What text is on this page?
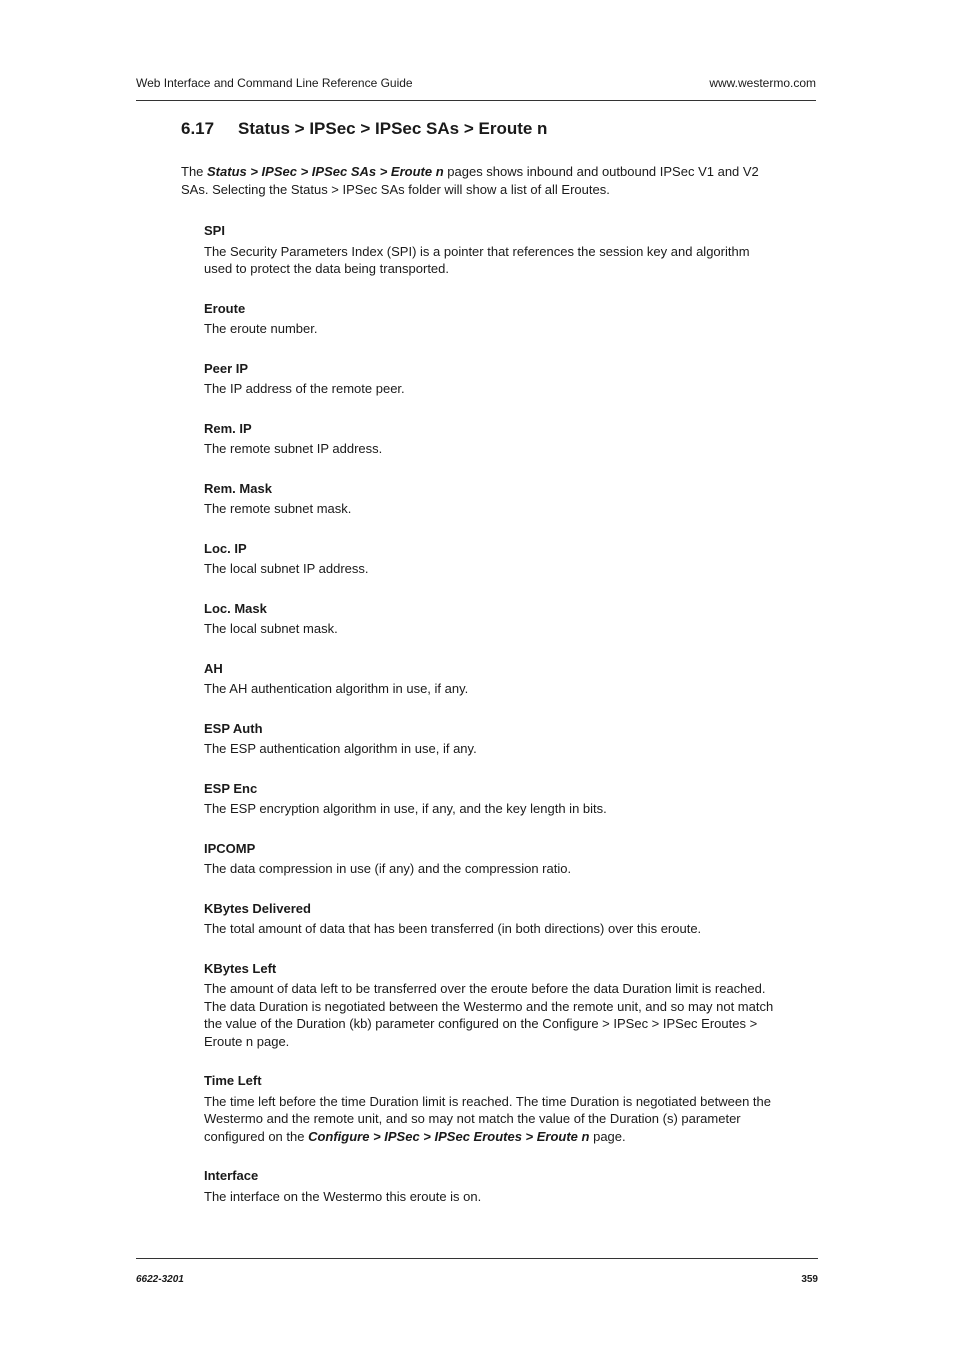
Web Interface and Command Line Reference Guide	www.westermo.com
6.17 Status > IPSec > IPSec SAs > Eroute n

The Status > IPSec > IPSec SAs > Eroute n pages shows inbound and outbound IPSec V1 and V2 SAs. Selecting the Status > IPSec SAs folder will show a list of all Eroutes.

SPI
The Security Parameters Index (SPI) is a pointer that references the session key and algorithm used to protect the data being transported.
Eroute
The eroute number.
Peer IP
The IP address of the remote peer.
Rem. IP
The remote subnet IP address.
Rem. Mask
The remote subnet mask.
Loc. IP
The local subnet IP address.
Loc. Mask
The local subnet mask.
AH
The AH authentication algorithm in use, if any.
ESP Auth
The ESP authentication algorithm in use, if any.
ESP Enc
The ESP encryption algorithm in use, if any, and the key length in bits.
IPCOMP
The data compression in use (if any) and the compression ratio.
KBytes Delivered
The total amount of data that has been transferred (in both directions) over this eroute.
KBytes Left
The amount of data left to be transferred over the eroute before the data Duration limit is reached. The data Duration is negotiated between the Westermo and the remote unit, and so may not match the value of the Duration (kb) parameter configured on the Configure > IPSec > IPSec Eroutes > Eroute n page.
Time Left
The time left before the time Duration limit is reached. The time Duration is negotiated between the Westermo and the remote unit, and so may not match the value of the Duration (s) parameter configured on the Configure > IPSec > IPSec Eroutes > Eroute n page.
Interface
The interface on the Westermo this eroute is on.
6622-3201	359
